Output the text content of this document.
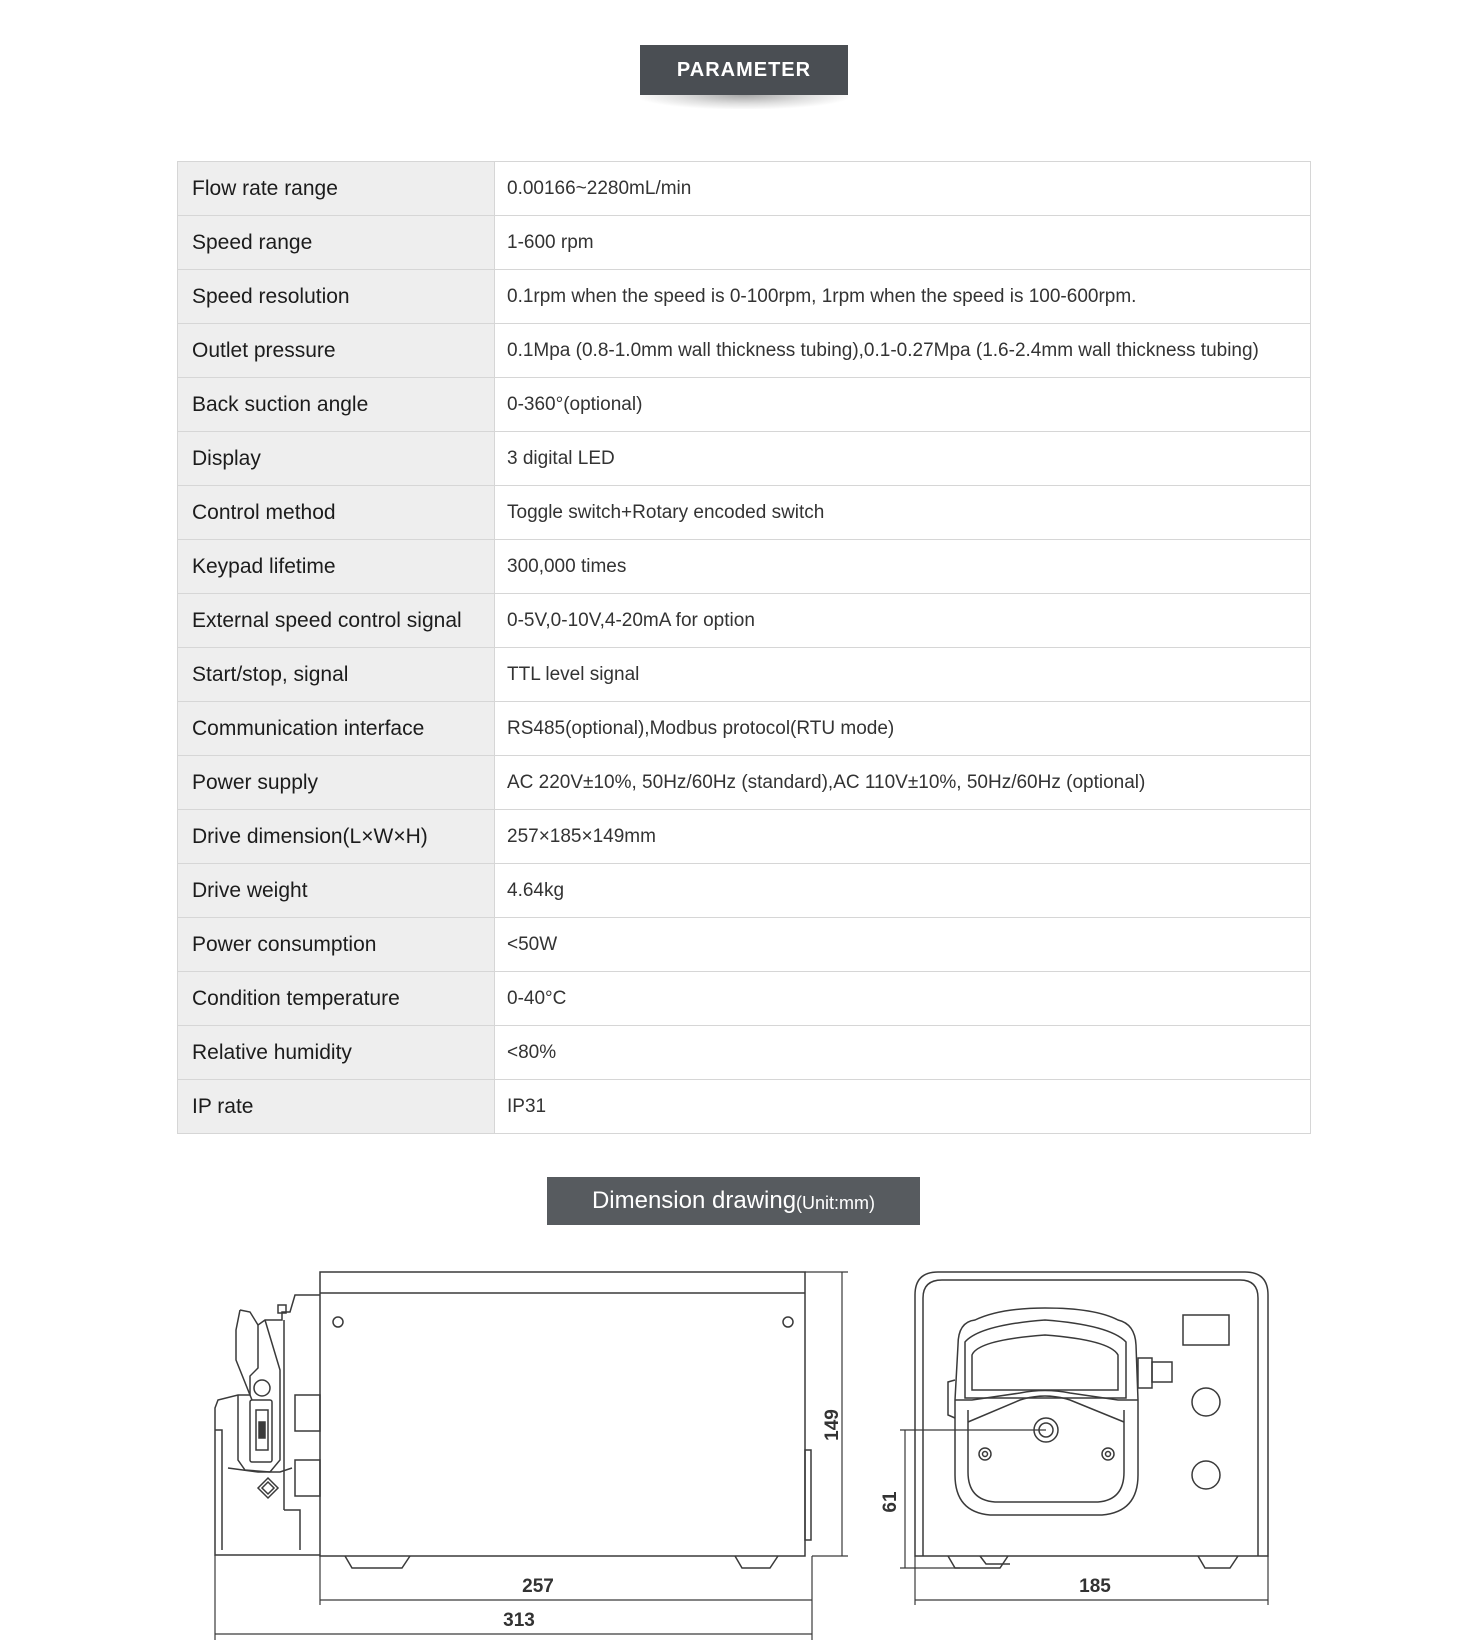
PARAMETER
Flow rate range	0.00166~2280mL/min
Speed range	1-600 rpm
Speed resolution	0.1rpm when the speed is 0-100rpm, 1rpm when the speed is 100-600rpm.
Outlet pressure	0.1Mpa (0.8-1.0mm wall thickness tubing),0.1-0.27Mpa (1.6-2.4mm wall thickness tubing)
Back suction angle	0-360°(optional)
Display	3 digital LED
Control method	Toggle switch+Rotary encoded switch
Keypad lifetime	300,000 times
External speed control signal	0-5V,0-10V,4-20mA for option
Start/stop, signal	TTL level signal
Communication interface	RS485(optional),Modbus protocol(RTU mode)
Power supply	AC 220V±10%, 50Hz/60Hz (standard),AC 110V±10%, 50Hz/60Hz (optional)
Drive dimension(L×W×H)	257×185×149mm
Drive weight	4.64kg
Power consumption	<50W
Condition temperature	0-40°C
Relative humidity	<80%
IP rate	IP31
Dimension drawing (Unit:mm)
149
257
313
61
185
